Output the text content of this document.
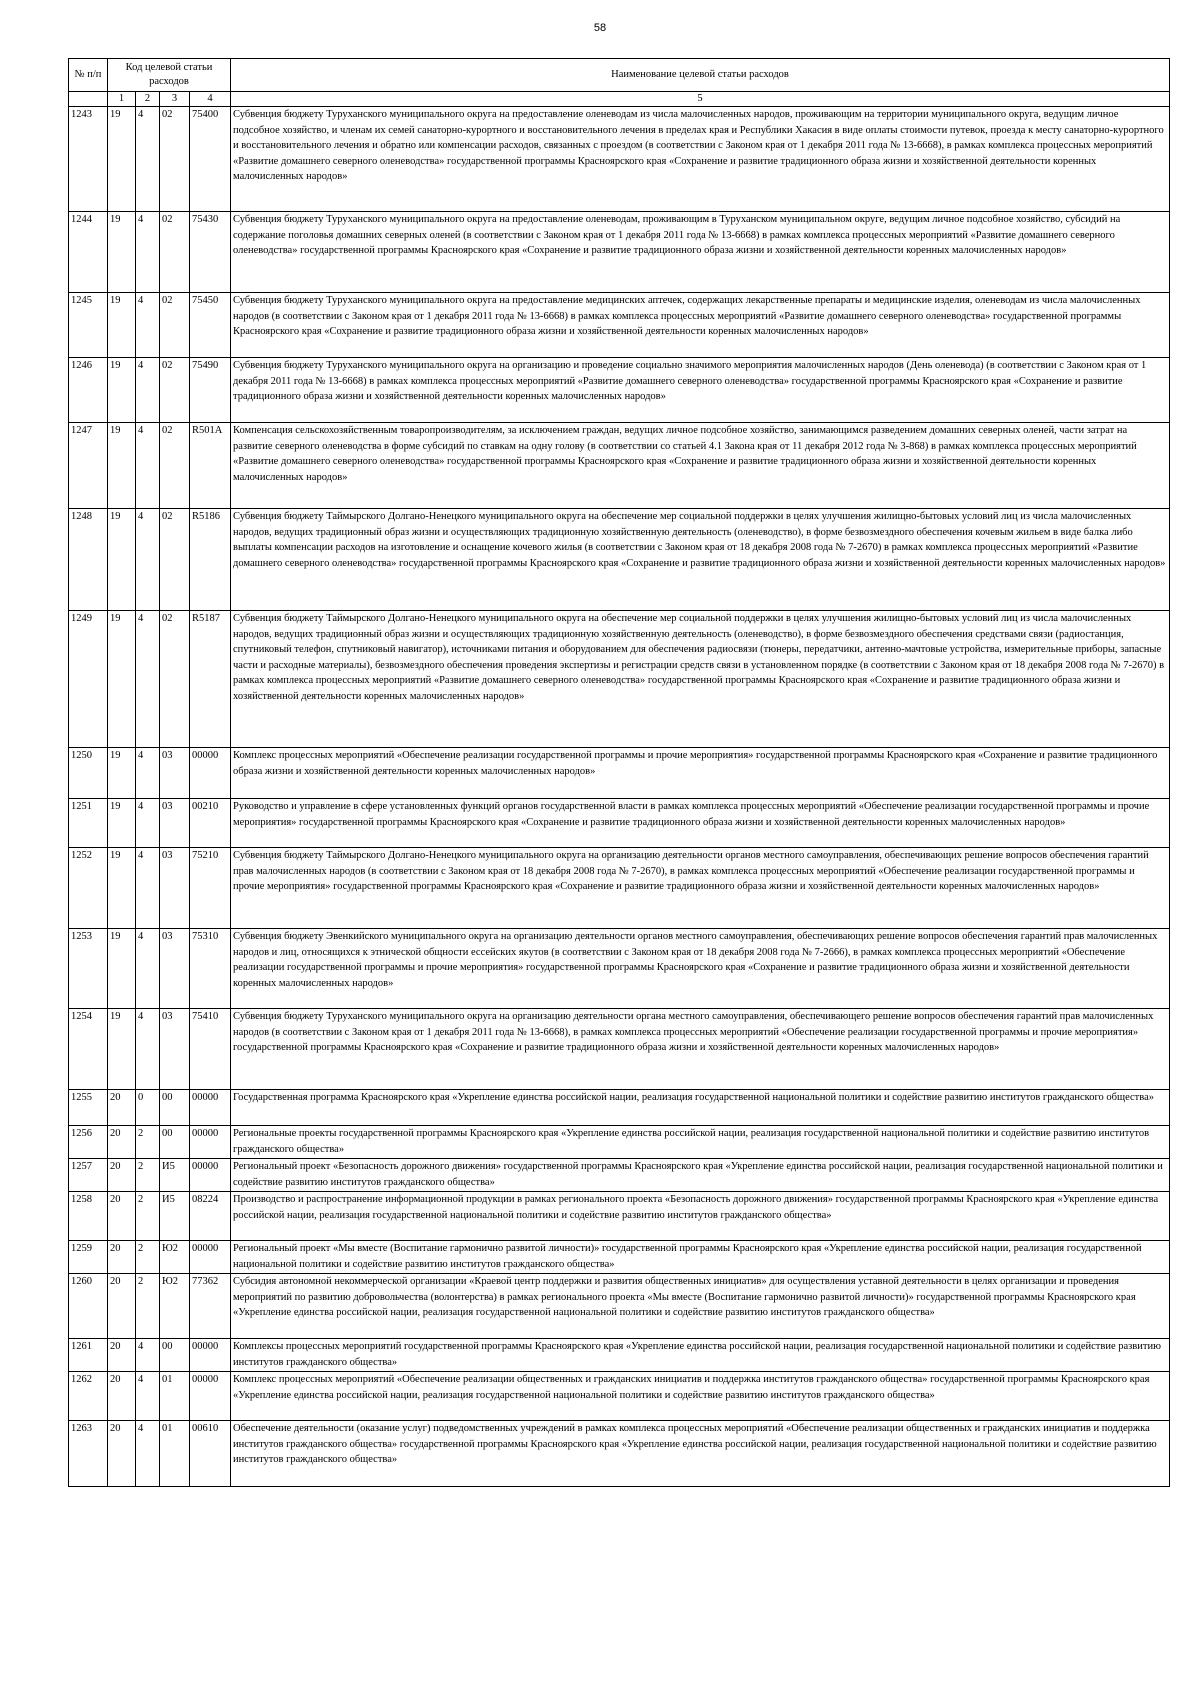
58
№ п/п	Код целевой статьи расходов				Наименование целевой статьи расходов

	1	2	3	4	5
1243	19	4	02	75400	Субвенция бюджету Туруханского муниципального округа на предоставление оленеводам из числа малочисленных народов, проживающим на территории муниципального округа, ведущим личное подсобное хозяйство, и членам их семей санаторно-курортного и восстановительного лечения в пределах края и Республики Хакасия в виде оплаты стоимости путевок, проезда к месту санаторно-курортного и восстановительного лечения и обратно или компенсации расходов, связанных с проездом (в соответствии с Законом края от 1 декабря 2011 года № 13-6668), в рамках комплекса процессных мероприятий «Развитие домашнего северного оленеводства» государственной программы Красноярского края «Сохранение и развитие традиционного образа жизни и хозяйственной деятельности коренных малочисленных народов»
1244	19	4	02	75430	Субвенция бюджету Туруханского муниципального округа на предоставление оленеводам, проживающим в Туруханском муниципальном округе, ведущим личное подсобное хозяйство, субсидий на содержание поголовья домашних северных оленей (в соответствии с Законом края от 1 декабря 2011 года № 13-6668) в рамках комплекса процессных мероприятий «Развитие домашнего северного оленеводства» государственной программы Красноярского края «Сохранение и развитие традиционного образа жизни и хозяйственной деятельности коренных малочисленных народов»
1245	19	4	02	75450	Субвенция бюджету Туруханского муниципального округа на предоставление медицинских аптечек, содержащих лекарственные препараты и медицинские изделия, оленеводам из числа малочисленных народов (в соответствии с Законом края от 1 декабря 2011 года № 13-6668) в рамках комплекса процессных мероприятий «Развитие домашнего северного оленеводства» государственной программы Красноярского края «Сохранение и развитие традиционного образа жизни и хозяйственной деятельности коренных малочисленных народов»
1246	19	4	02	75490	Субвенция бюджету Туруханского муниципального округа на организацию и проведение социально значимого мероприятия малочисленных народов (День оленевода) (в соответствии с Законом края от 1 декабря 2011 года № 13-6668) в рамках комплекса процессных мероприятий «Развитие домашнего северного оленеводства» государственной программы Красноярского края «Сохранение и развитие традиционного образа жизни и хозяйственной деятельности коренных малочисленных народов»
1247	19	4	02	R501A	Компенсация сельскохозяйственным товаропроизводителям, за исключением граждан, ведущих личное подсобное хозяйство, занимающимся разведением домашних северных оленей, части затрат на развитие северного оленеводства в форме субсидий по ставкам на одну голову (в соответствии со статьей 4.1 Закона края от 11 декабря 2012 года № 3-868) в рамках комплекса процессных мероприятий «Развитие домашнего северного оленеводства» государственной программы Красноярского края «Сохранение и развитие традиционного образа жизни и хозяйственной деятельности коренных малочисленных народов»
1248	19	4	02	R5186	Субвенция бюджету Таймырского Долгано-Ненецкого муниципального округа на обеспечение мер социальной поддержки в целях улучшения жилищно-бытовых условий лиц из числа малочисленных народов, ведущих традиционный образ жизни и осуществляющих традиционную хозяйственную деятельность (оленеводство), в форме безвозмездного обеспечения кочевым жильем в виде балка либо выплаты компенсации расходов на изготовление и оснащение кочевого жилья (в соответствии с Законом края от 18 декабря 2008 года № 7-2670) в рамках комплекса процессных мероприятий «Развитие домашнего северного оленеводства» государственной программы Красноярского края «Сохранение и развитие традиционного образа жизни и хозяйственной деятельности коренных малочисленных народов»
1249	19	4	02	R5187	Субвенция бюджету Таймырского Долгано-Ненецкого муниципального округа на обеспечение мер социальной поддержки в целях улучшения жилищно-бытовых условий лиц из числа малочисленных народов, ведущих традиционный образ жизни и осуществляющих традиционную хозяйственную деятельность (оленеводство), в форме безвозмездного обеспечения средствами связи (радиостанция, спутниковый телефон, спутниковый навигатор), источниками питания и оборудованием для обеспечения радиосвязи (тюнеры, передатчики, антенно-мачтовые устройства, измерительные приборы, запасные части и расходные материалы), безвозмездного обеспечения проведения экспертизы и регистрации средств связи в установленном порядке (в соответствии с Законом края от 18 декабря 2008 года № 7-2670) в рамках комплекса процессных мероприятий «Развитие домашнего северного оленеводства» государственной программы Красноярского края «Сохранение и развитие традиционного образа жизни и хозяйственной деятельности коренных малочисленных народов»
1250	19	4	03	00000	Комплекс процессных мероприятий «Обеспечение реализации государственной программы и прочие мероприятия» государственной программы Красноярского края «Сохранение и развитие традиционного образа жизни и хозяйственной деятельности коренных малочисленных народов»
1251	19	4	03	00210	Руководство и управление в сфере установленных функций органов государственной власти в рамках комплекса процессных мероприятий «Обеспечение реализации государственной программы и прочие мероприятия» государственной программы Красноярского края «Сохранение и развитие традиционного образа жизни и хозяйственной деятельности коренных малочисленных народов»
1252	19	4	03	75210	Субвенция бюджету Таймырского Долгано-Ненецкого муниципального округа на организацию деятельности органов местного самоуправления, обеспечивающих решение вопросов обеспечения гарантий прав малочисленных народов (в соответствии с Законом края от 18 декабря 2008 года № 7-2670), в рамках комплекса процессных мероприятий «Обеспечение реализации государственной программы и прочие мероприятия» государственной программы Красноярского края «Сохранение и развитие традиционного образа жизни и хозяйственной деятельности коренных малочисленных народов»
1253	19	4	03	75310	Субвенция бюджету Эвенкийского муниципального округа на организацию деятельности органов местного самоуправления, обеспечивающих решение вопросов обеспечения гарантий прав малочисленных народов и лиц, относящихся к этнической общности ессейских якутов (в соответствии с Законом края от 18 декабря 2008 года № 7-2666), в рамках комплекса процессных мероприятий «Обеспечение реализации государственной программы и прочие мероприятия» государственной программы Красноярского края «Сохранение и развитие традиционного образа жизни и хозяйственной деятельности коренных малочисленных народов»
1254	19	4	03	75410	Субвенция бюджету Туруханского муниципального округа на организацию деятельности органа местного самоуправления, обеспечивающего решение вопросов обеспечения гарантий прав малочисленных народов (в соответствии с Законом края от 1 декабря 2011 года № 13-6668), в рамках комплекса процессных мероприятий «Обеспечение реализации государственной программы и прочие мероприятия» государственной программы Красноярского края «Сохранение и развитие традиционного образа жизни и хозяйственной деятельности коренных малочисленных народов»
1255	20	0	00	00000	Государственная программа Красноярского края «Укрепление единства российской нации, реализация государственной национальной политики и содействие развитию институтов гражданского общества»
1256	20	2	00	00000	Региональные проекты государственной программы Красноярского края «Укрепление единства российской нации, реализация государственной национальной политики и содействие развитию институтов гражданского общества»
1257	20	2	И5	00000	Региональный проект «Безопасность дорожного движения» государственной программы Красноярского края «Укрепление единства российской нации, реализация государственной национальной политики и содействие развитию институтов гражданского общества»
1258	20	2	И5	08224	Производство и распространение информационной продукции в рамках регионального проекта «Безопасность дорожного движения» государственной программы Красноярского края «Укрепление единства российской нации, реализация государственной национальной политики и содействие развитию институтов гражданского общества»
1259	20	2	Ю2	00000	Региональный проект «Мы вместе (Воспитание гармонично развитой личности)» государственной программы Красноярского края «Укрепление единства российской нации, реализация государственной национальной политики и содействие развитию институтов гражданского общества»
1260	20	2	Ю2	77362	Субсидия автономной некоммерческой организации «Краевой центр поддержки и развития общественных инициатив» для осуществления уставной деятельности в целях организации и проведения мероприятий по развитию добровольчества (волонтерства) в рамках регионального проекта «Мы вместе (Воспитание гармонично развитой личности)» государственной программы Красноярского края «Укрепление единства российской нации, реализация государственной национальной политики и содействие развитию институтов гражданского общества»
1261	20	4	00	00000	Комплексы процессных мероприятий государственной программы Красноярского края «Укрепление единства российской нации, реализация государственной национальной политики и содействие развитию институтов гражданского общества»
1262	20	4	01	00000	Комплекс процессных мероприятий «Обеспечение реализации общественных и гражданских инициатив и поддержка институтов гражданского общества» государственной программы Красноярского края «Укрепление единства российской нации, реализация государственной национальной политики и содействие развитию институтов гражданского общества»
1263	20	4	01	00610	Обеспечение деятельности (оказание услуг) подведомственных учреждений в рамках комплекса процессных мероприятий «Обеспечение реализации общественных и гражданских инициатив и поддержка институтов гражданского общества» государственной программы Красноярского края «Укрепление единства российской нации, реализация государственной национальной политики и содействие развитию институтов гражданского общества»
